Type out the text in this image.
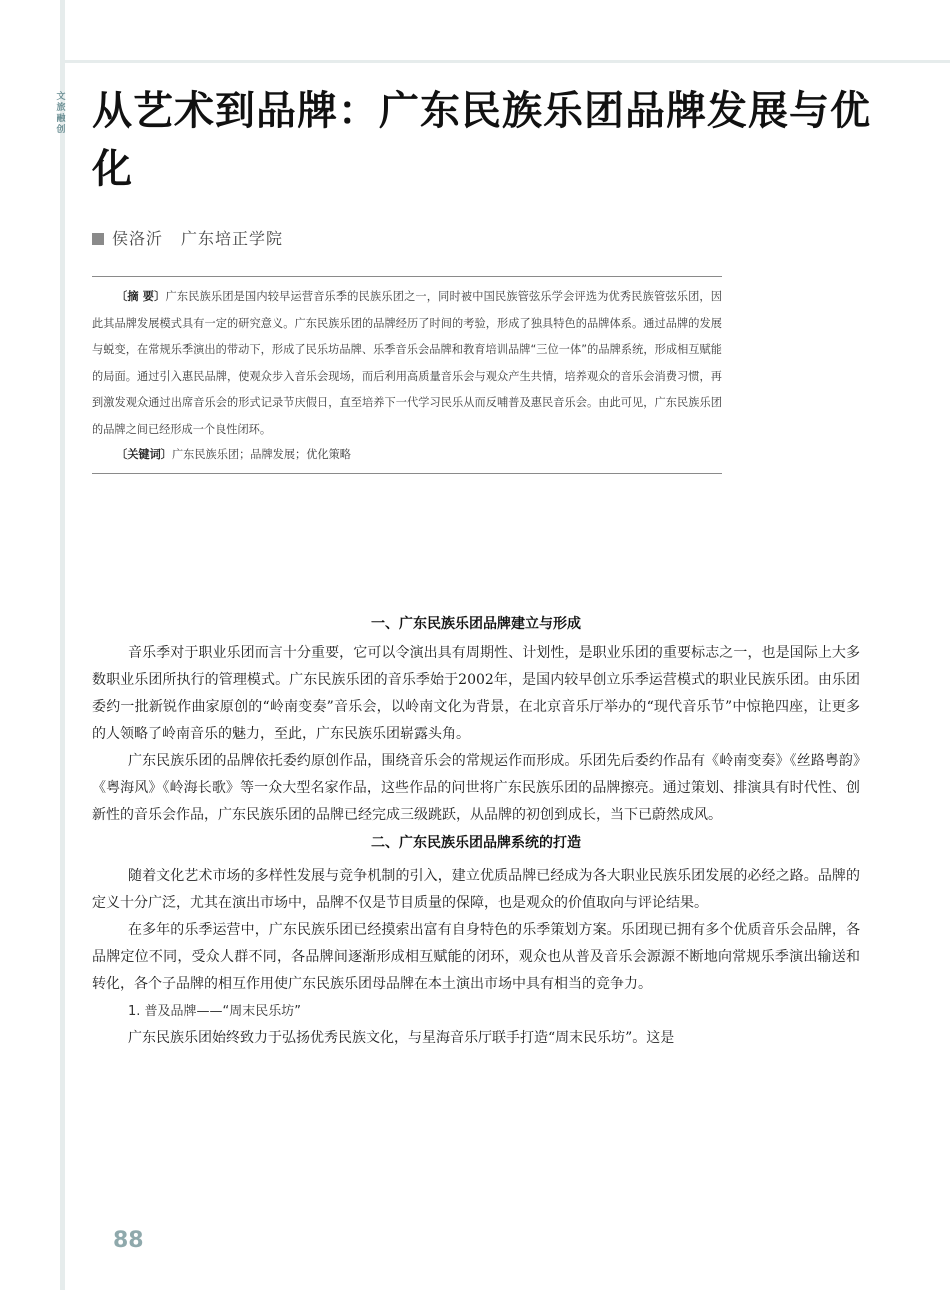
文旅融创 从艺术到品牌：广东民族乐团品牌发展与优化
侯洛沂 广东培正学院

〔摘 要〕广东民族乐团是国内较早运营音乐季的民族乐团之一，同时被中国民族管弦乐学会评选为优秀民族管弦乐团，因此其品牌发展模式具有一定的研究意义。广东民族乐团的品牌经历了时间的考验，形成了独具特色的品牌体系。通过品牌的发展与蜕变，在常规乐季演出的带动下，形成了民乐坊品牌、乐季音乐会品牌和教育培训品牌“三位一体”的品牌系统，形成相互赋能的局面。通过引入惠民品牌，使观众步入音乐会现场，而后利用高质量音乐会与观众产生共情，培养观众的音乐会消费习惯，再到激发观众通过出席音乐会的形式记录节庆假日，直至培养下一代学习民乐从而反哺普及惠民音乐会。由此可见，广东民族乐团的品牌之间已经形成一个良性闭环。

〔关键词〕广东民族乐团；品牌发展；优化策略

一、广东民族乐团品牌建立与形成

音乐季对于职业乐团而言十分重要，它可以令演出具有周期性、计划性，是职业乐团的重要标志之一，也是国际上大多数职业乐团所执行的管理模式。广东民族乐团的音乐季始于2002年，是国内较早创立乐季运营模式的职业民族乐团。由乐团委约一批新锐作曲家原创的“岭南变奏”音乐会，以岭南文化为背景，在北京音乐厅举办的“现代音乐节”中惊艳四座，让更多的人领略了岭南音乐的魅力，至此，广东民族乐团崭露头角。

广东民族乐团的品牌依托委约原创作品，围绕音乐会的常规运作而形成。乐团先后委约作品有《岭南变奏》《丝路粤韵》《粤海风》《岭海长歌》等一众大型名家作品，这些作品的问世将广东民族乐团的品牌擦亮。通过策划、排演具有时代性、创新性的音乐会作品，广东民族乐团的品牌已经完成三级跳跃，从品牌的初创到成长，当下已蔚然成风。

二、广东民族乐团品牌系统的打造

随着文化艺术市场的多样性发展与竞争机制的引入，建立优质品牌已经成为各大职业民族乐团发展的必经之路。品牌的定义十分广泛，尤其在演出市场中，品牌不仅是节目质量的保障，也是观众的价值取向与评论结果。

在多年的乐季运营中，广东民族乐团已经摸索出富有自身特色的乐季策划方案。乐团现已拥有多个优质音乐会品牌，各品牌定位不同，受众人群不同，各品牌间逐渐形成相互赋能的闭环，观众也从普及音乐会源源不断地向常规乐季演出输送和转化，各个子品牌的相互作用使广东民族乐团母品牌在本土演出市场中具有相当的竞争力。

1. 普及品牌——“周末民乐坊”

广东民族乐团始终致力于弘扬优秀民族文化，与星海音乐厅联手打造“周末民乐坊”。这是

88
